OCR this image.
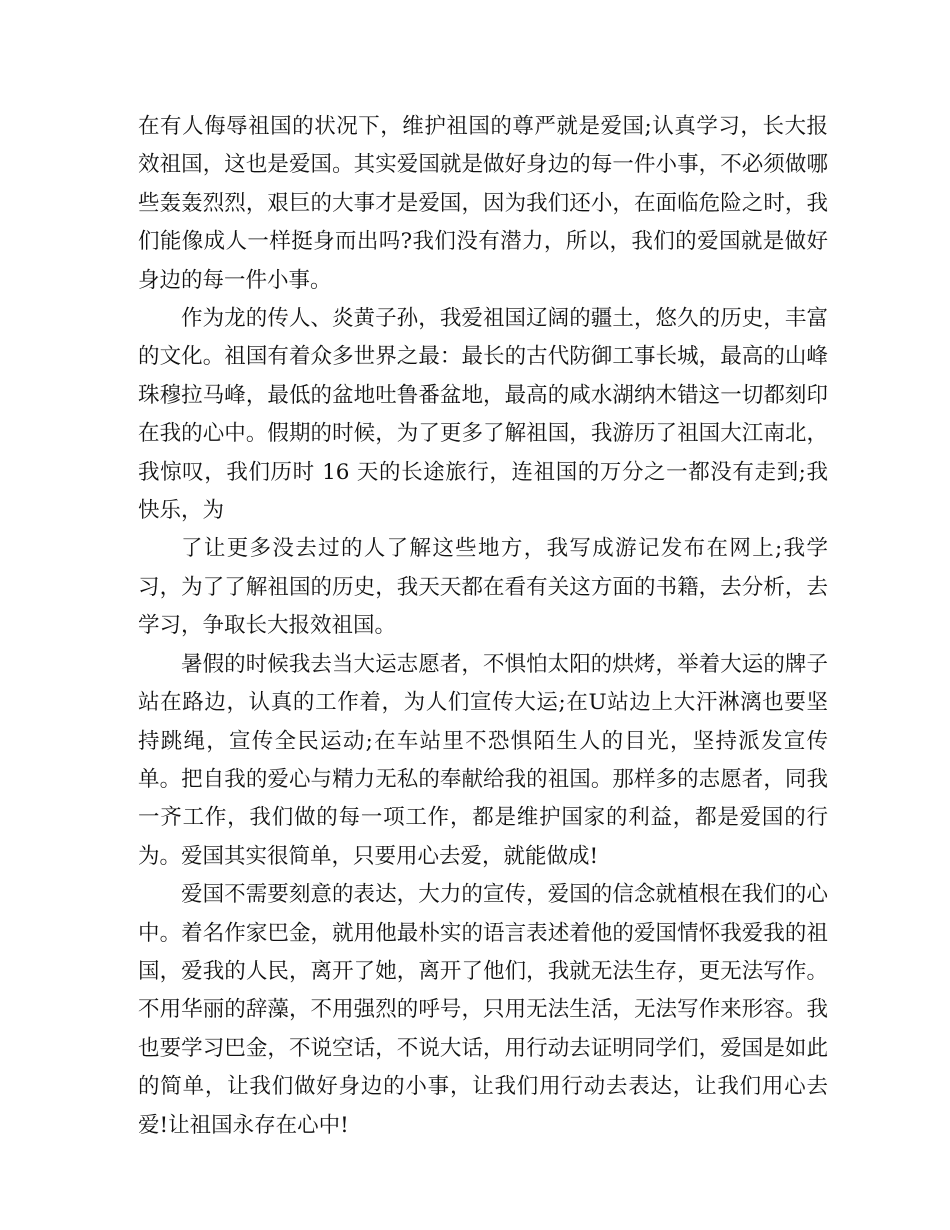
在有人侮辱祖国的状况下，维护祖国的尊严就是爱国;认真学习，长大报效祖国，这也是爱国。其实爱国就是做好身边的每一件小事，不必须做哪些轰轰烈烈，艰巨的大事才是爱国，因为我们还小，在面临危险之时，我们能像成人一样挺身而出吗?我们没有潜力，所以，我们的爱国就是做好身边的每一件小事。

作为龙的传人、炎黄子孙，我爱祖国辽阔的疆土，悠久的历史，丰富的文化。祖国有着众多世界之最：最长的古代防御工事长城，最高的山峰珠穆拉马峰，最低的盆地吐鲁番盆地，最高的咸水湖纳木错这一切都刻印在我的心中。假期的时候，为了更多了解祖国，我游历了祖国大江南北，我惊叹，我们历时 16 天的长途旅行，连祖国的万分之一都没有走到;我快乐，为

了让更多没去过的人了解这些地方，我写成游记发布在网上;我学习，为了了解祖国的历史，我天天都在看有关这方面的书籍，去分析，去学习，争取长大报效祖国。

暑假的时候我去当大运志愿者，不惧怕太阳的烘烤，举着大运的牌子站在路边，认真的工作着，为人们宣传大运;在U站边上大汗淋漓也要坚持跳绳，宣传全民运动;在车站里不恐惧陌生人的目光，坚持派发宣传单。把自我的爱心与精力无私的奉献给我的祖国。那样多的志愿者，同我一齐工作，我们做的每一项工作，都是维护国家的利益，都是爱国的行为。爱国其实很简单，只要用心去爱，就能做成!

爱国不需要刻意的表达，大力的宣传，爱国的信念就植根在我们的心中。着名作家巴金，就用他最朴实的语言表述着他的爱国情怀我爱我的祖国，爱我的人民，离开了她，离开了他们，我就无法生存，更无法写作。不用华丽的辞藻，不用强烈的呼号，只用无法生活，无法写作来形容。我也要学习巴金，不说空话，不说大话，用行动去证明同学们，爱国是如此的简单，让我们做好身边的小事，让我们用行动去表达，让我们用心去爱!让祖国永存在心中!
